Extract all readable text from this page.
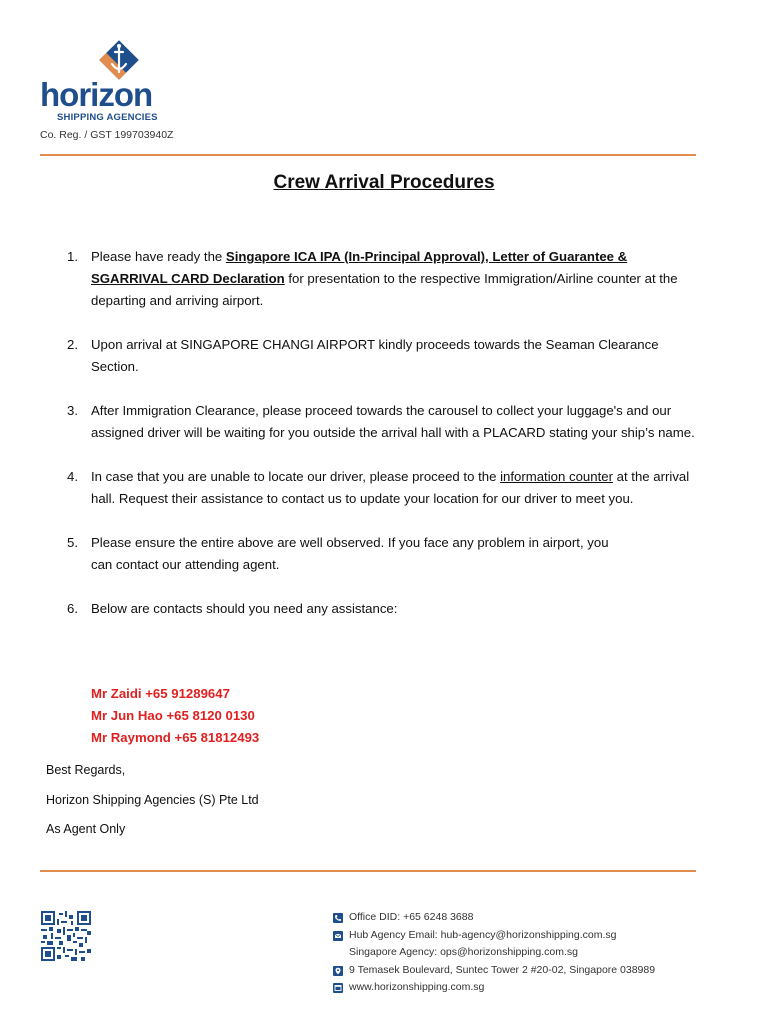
horizon
SHIPPING AGENCIES
Co. Reg. / GST 199703940Z
Crew Arrival Procedures
1. Please have ready the Singapore ICA IPA (In-Principal Approval), Letter of Guarantee & SGARRIVAL CARD Declaration for presentation to the respective Immigration/Airline counter at the departing and arriving airport.
2. Upon arrival at SINGAPORE CHANGI AIRPORT kindly proceeds towards the Seaman Clearance Section.
3. After Immigration Clearance, please proceed towards the carousel to collect your luggage's and our assigned driver will be waiting for you outside the arrival hall with a PLACARD stating your ship’s name.
4. In case that you are unable to locate our driver, please proceed to the information counter at the arrival hall. Request their assistance to contact us to update your location for our driver to meet you.
5. Please ensure the entire above are well observed. If you face any problem in airport, you
can contact our attending agent.
6. Below are contacts should you need any assistance:
Mr Zaidi +65 91289647
Mr Jun Hao +65 8120 0130
Mr Raymond +65 81812493
Best Regards,
Horizon Shipping Agencies (S) Pte Ltd
As Agent Only
Office DID: +65 6248 3688
Hub Agency Email: hub-agency@horizonshipping.com.sg
Singapore Agency: ops@horizonshipping.com.sg
9 Temasek Boulevard, Suntec Tower 2 #20-02, Singapore 038989
www.horizonshipping.com.sg
